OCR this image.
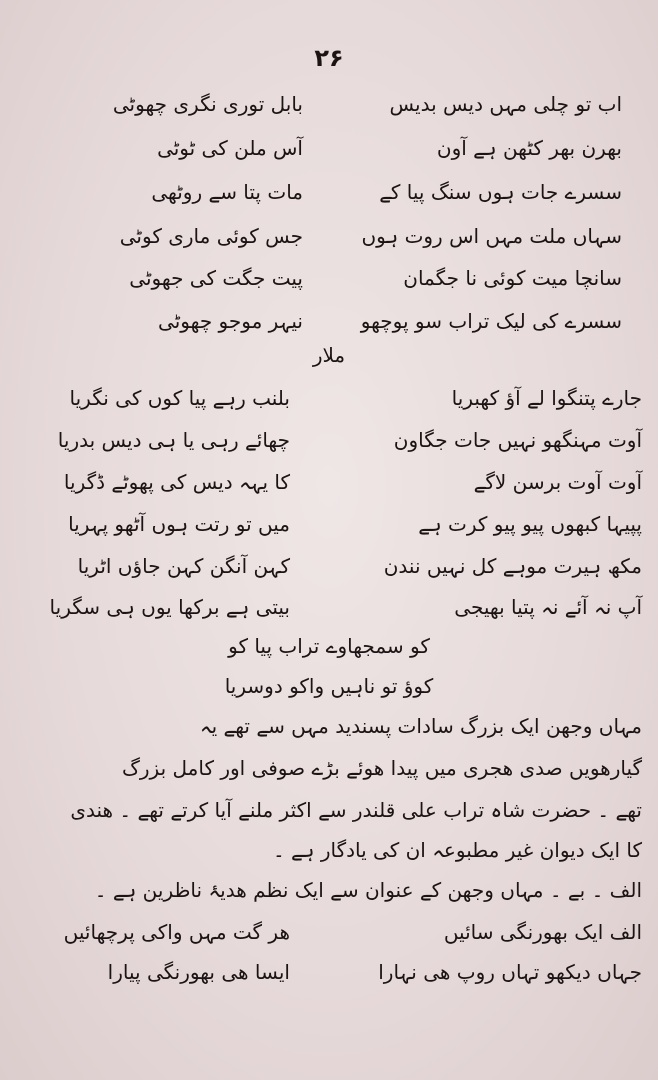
۲۶
اب تو چلی مہں دیس بدیس
بابل توری نگری چھوٹی
بھرن بھر کٹھن ہے آون
آس ملن کی ٹوٹی
سسرے جات ہوں سنگ پیا کے
مات پتا سے روٹھی
سہاں ملت مہں اس روت ہوں
جس کوئی ماری کوٹی
سانچا میت کوئی نا جگمان
پیت جگت کی جھوٹی
سسرے کی لیک تراب سو پوچھو
نیہر موجو چھوٹی
ملار
جارے پتنگوا لے آؤ کھبریا
بلنب رہے پیا کوں کی نگریا
آوت مہنگھو نہیں جات جگاون
چھائے رہی یا ہی دیس بدریا
آوت آوت برسن لاگے
کا یہہ دیس کی پھوٹے ڈگریا
پپیہا کبھوں پیو پیو کرت ہے
میں تو رتت ہوں آٹھو پہریا
مکھ ہیرت موہے کل نہیں نندن
کہن آنگن کہن جاؤں اٹریا
آپ نہ آئے نہ پتیا بھیجی
بیتی ہے برکھا یوں ہی سگریا
کو سمجھاوے تراب پیا کو
کوؤ تو ناہیں واکو دوسریا
مہاں وجھن ایک بزرگ سادات پسندید مہں سے تھے یہ
گیارھویں صدی ھجری میں پیدا ھوئے بڑے صوفی اور کامل بزرگ
تھے ۔ حضرت شاہ تراب علی قلندر سے اکثر ملنے آیا کرتے تھے ۔ ھندی
کا ایک دیوان غیر مطبوعہ ان کی یادگار ہے ۔
الف ۔ بے ۔ مہاں وجھن کے عنوان سے ایک نظم ھدیۂ ناظرین ہے ۔
الف ایک بھورنگی سائیں
ھر گت مہں واکی پرچھائیں
جہاں دیکھو تہاں روپ ھی نہارا
ایسا ھی بھورنگی پیارا
